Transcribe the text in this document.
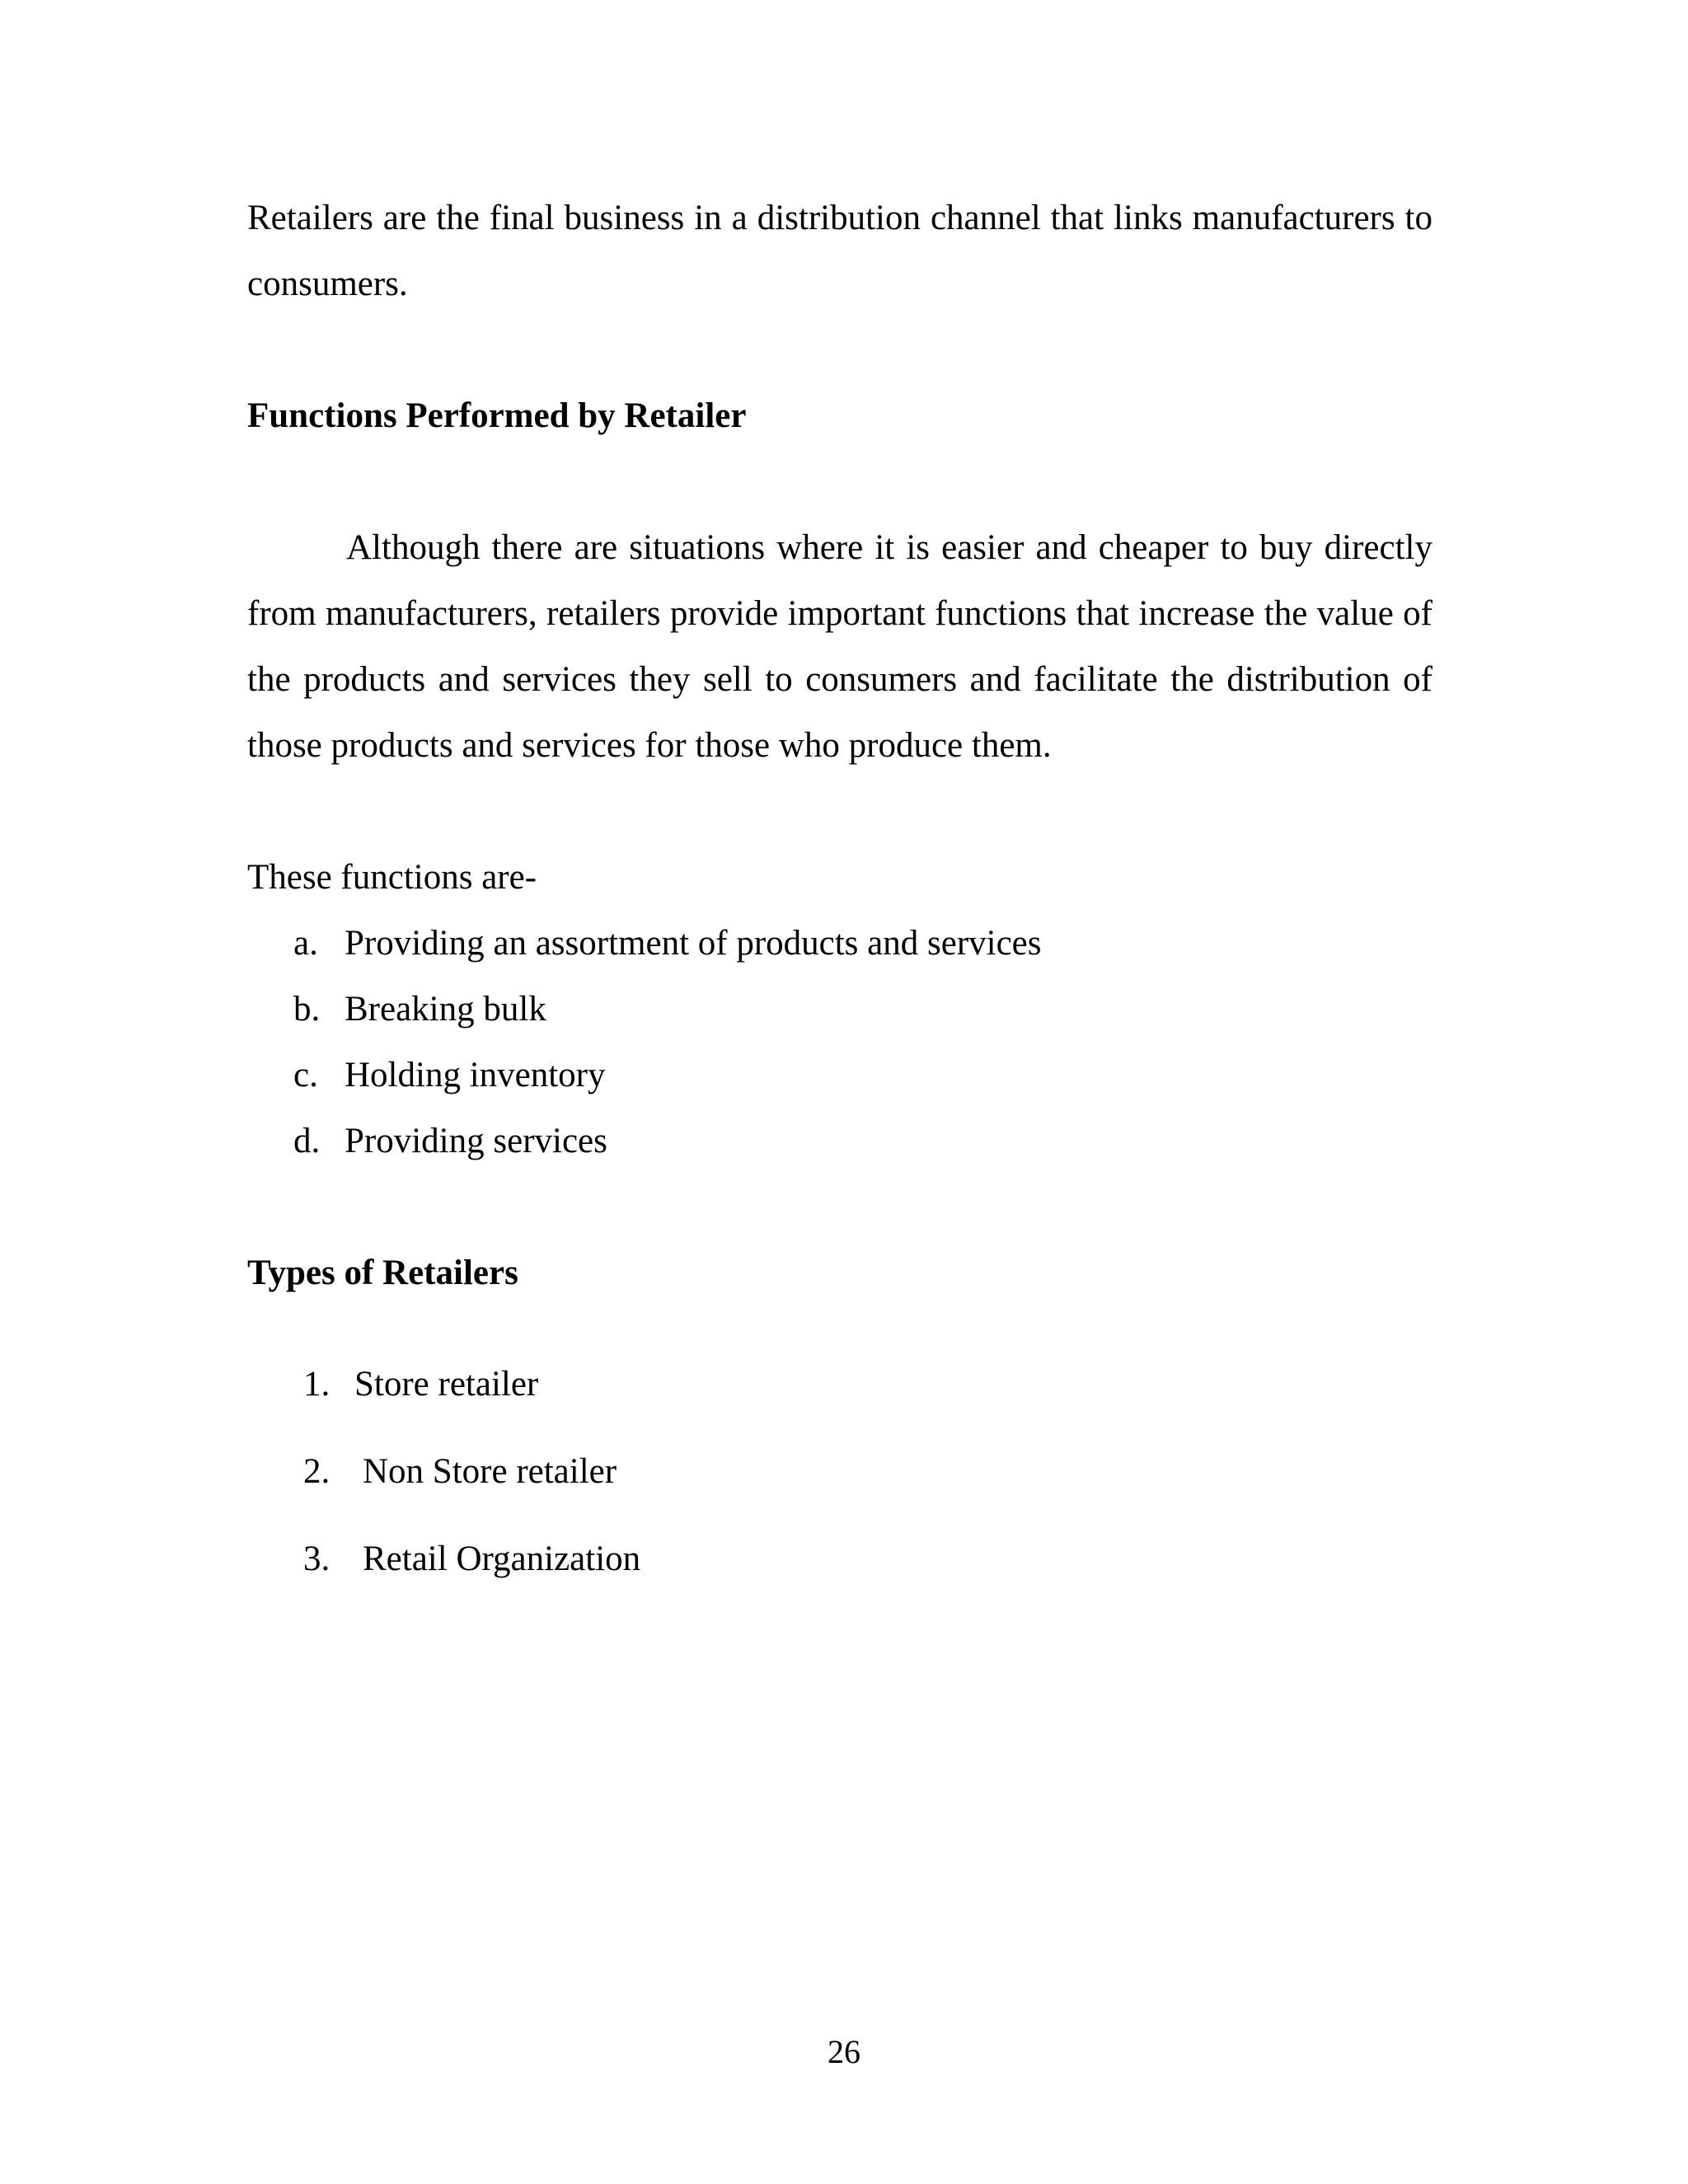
Retailers are the final business in a distribution channel that links manufacturers to consumers.

Functions Performed by Retailer

Although there are situations where it is easier and cheaper to buy directly from manufacturers, retailers provide important functions that increase the value of the products and services they sell to consumers and facilitate the distribution of those products and services for those who produce them.

These functions are-

a. Providing an assortment of products and services
b. Breaking bulk
c. Holding inventory
d. Providing services
Types of Retailers
1. Store retailer
2. Non Store retailer
3. Retail Organization
26
